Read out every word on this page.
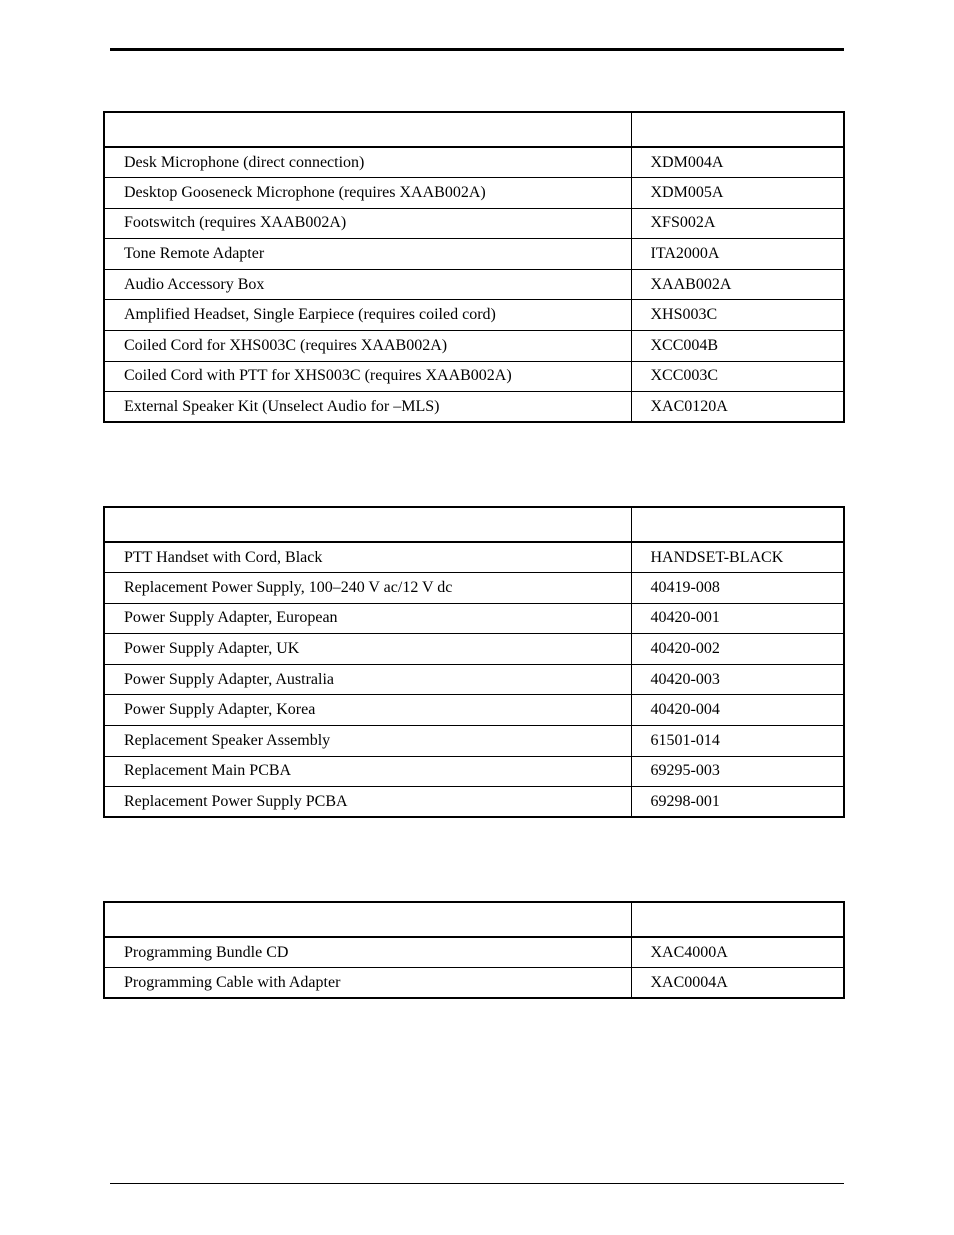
Desk Microphone (direct connection)	XDM004A
Desktop Gooseneck Microphone (requires XAAB002A)	XDM005A
Footswitch (requires XAAB002A)	XFS002A
Tone Remote Adapter	ITA2000A
Audio Accessory Box	XAAB002A
Amplified Headset, Single Earpiece (requires coiled cord)	XHS003C
Coiled Cord for XHS003C (requires XAAB002A)	XCC004B
Coiled Cord with PTT for XHS003C (requires XAAB002A)	XCC003C
External Speaker Kit (Unselect Audio for –MLS)	XAC0120A

PTT Handset with Cord, Black	HANDSET-BLACK
Replacement Power Supply, 100–240 V ac/12 V dc	40419-008
Power Supply Adapter, European	40420-001
Power Supply Adapter, UK	40420-002
Power Supply Adapter, Australia	40420-003
Power Supply Adapter, Korea	40420-004
Replacement Speaker Assembly	61501-014
Replacement Main PCBA	69295-003
Replacement Power Supply PCBA	69298-001

Programming Bundle CD	XAC4000A
Programming Cable with Adapter	XAC0004A
